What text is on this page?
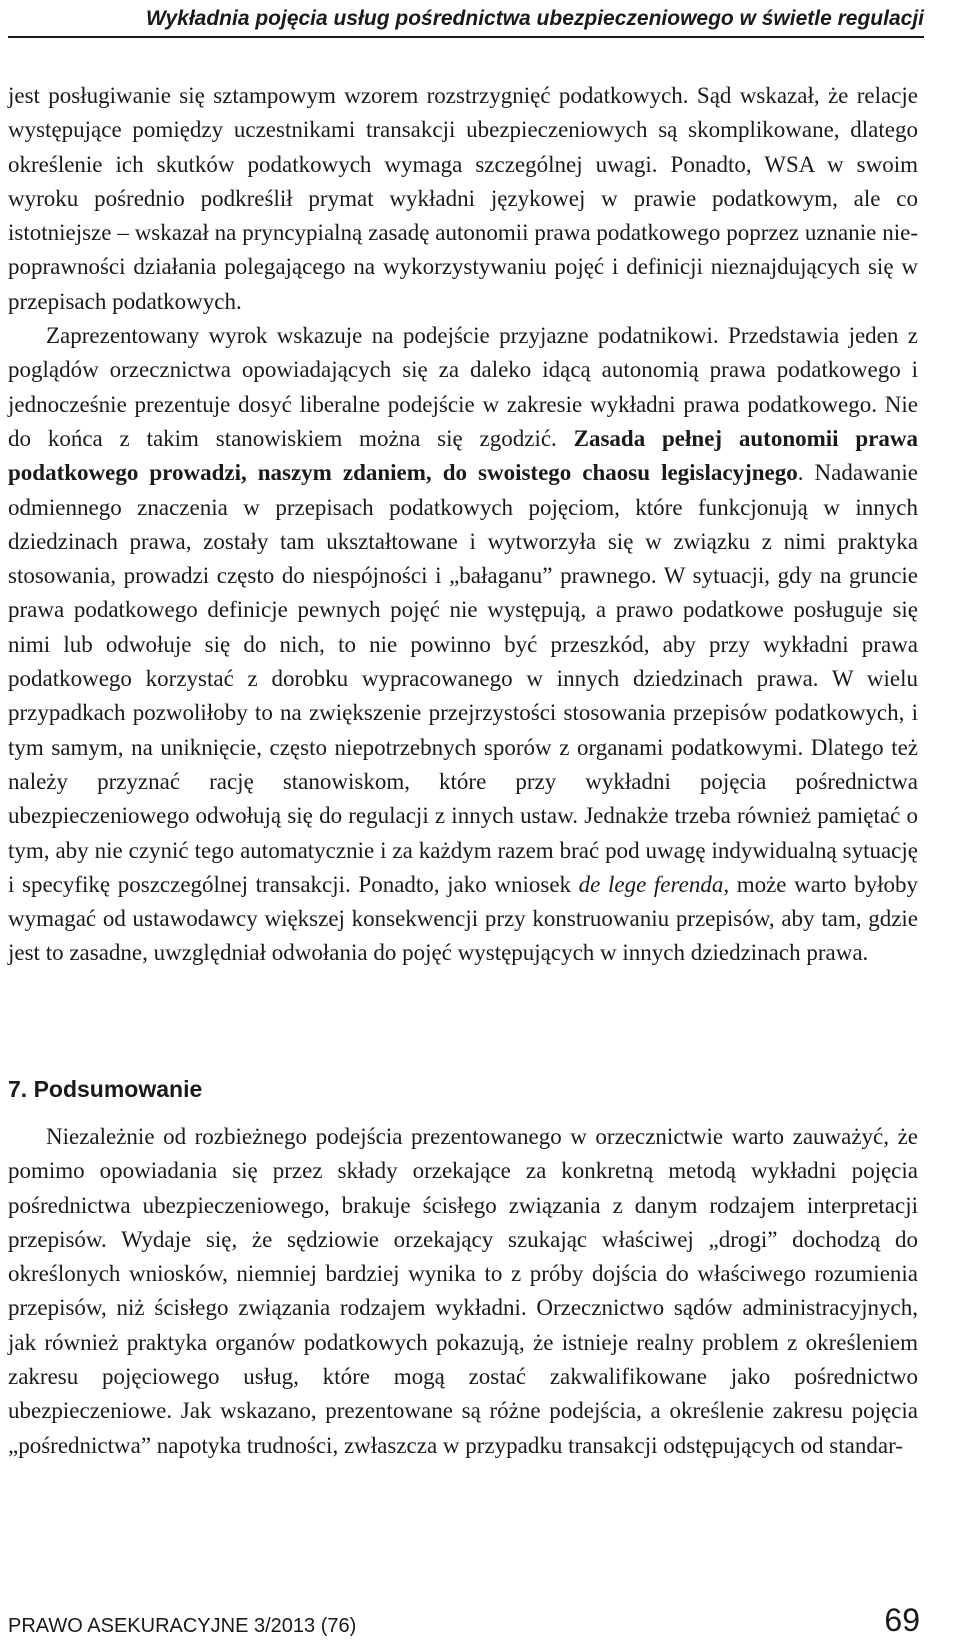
Wykładnia pojęcia usług pośrednictwa ubezpieczeniowego w świetle regulacji

jest posługiwanie się sztampowym wzorem rozstrzygnięć podatkowych. Sąd wskazał, że relacje występujące pomiędzy uczestnikami transakcji ubezpieczeniowych są skomplikowane, dlatego określenie ich skutków podatkowych wymaga szczególnej uwagi. Ponadto, WSA w swoim wyroku pośrednio podkreślił prymat wykładni językowej w prawie podatkowym, ale co istotniejsze – wskazał na pryncypialną zasadę autonomii prawa podatkowego poprzez uznanie niepoprawności działania polegającego na wykorzystywaniu pojęć i definicji nieznajdujących się w przepisach podatkowych.

Zaprezentowany wyrok wskazuje na podejście przyjazne podatnikowi. Przedstawia jeden z poglądów orzecznictwa opowiadających się za daleko idącą autonomią prawa podatkowego i jednocześnie prezentuje dosyć liberalne podejście w zakresie wykładni prawa podatkowego. Nie do końca z takim stanowiskiem można się zgodzić. Zasada pełnej autonomii prawa podatkowego prowadzi, naszym zdaniem, do swoistego chaosu legislacyjnego. Nadawanie odmiennego znaczenia w przepisach podatkowych pojęciom, które funkcjonują w innych dziedzinach prawa, zostały tam ukształtowane i wytworzyła się w związku z nimi praktyka stosowania, prowadzi często do niespójności i „bałaganu” prawnego. W sytuacji, gdy na gruncie prawa podatkowego definicje pewnych pojęć nie występują, a prawo podatkowe posługuje się nimi lub odwołuje się do nich, to nie powinno być przeszkód, aby przy wykładni prawa podatkowego korzystać z dorobku wypracowanego w innych dziedzinach prawa. W wielu przypadkach pozwoliłoby to na zwiększenie przejrzystości stosowania przepisów podatkowych, i tym samym, na uniknięcie, często niepotrzebnych sporów z organami podatkowymi. Dlatego też należy przyznać rację stanowiskom, które przy wykładni pojęcia pośrednictwa ubezpieczeniowego odwołują się do regulacji z innych ustaw. Jednakże trzeba również pamiętać o tym, aby nie czynić tego automatycznie i za każdym razem brać pod uwagę indywidualną sytuację i specyfikę poszczególnej transakcji. Ponadto, jako wniosek de lege ferenda, może warto byłoby wymagać od ustawodawcy większej konsekwencji przy konstruowaniu przepisów, aby tam, gdzie jest to zasadne, uwzględniał odwołania do pojęć występujących w innych dziedzinach prawa.

7. Podsumowanie

Niezależnie od rozbieżnego podejścia prezentowanego w orzecznictwie warto zauważyć, że pomimo opowiadania się przez składy orzekające za konkretną metodą wykładni pojęcia pośrednictwa ubezpieczeniowego, brakuje ścisłego związania z danym rodzajem interpretacji przepisów. Wydaje się, że sędziowie orzekający szukając właściwej „drogi” dochodzą do określonych wniosków, niemniej bardziej wynika to z próby dojścia do właściwego rozumienia przepisów, niż ścisłego związania rodzajem wykładni. Orzecznictwo sądów administracyjnych, jak również praktyka organów podatkowych pokazują, że istnieje realny problem z określeniem zakresu pojęciowego usług, które mogą zostać zakwalifikowane jako pośrednictwo ubezpieczeniowe. Jak wskazano, prezentowane są różne podejścia, a określenie zakresu pojęcia „pośrednictwa” napotyka trudności, zwłaszcza w przypadku transakcji odstępujących od standar-

PRAWO ASEKURACYJNE 3/2013 (76)	69
